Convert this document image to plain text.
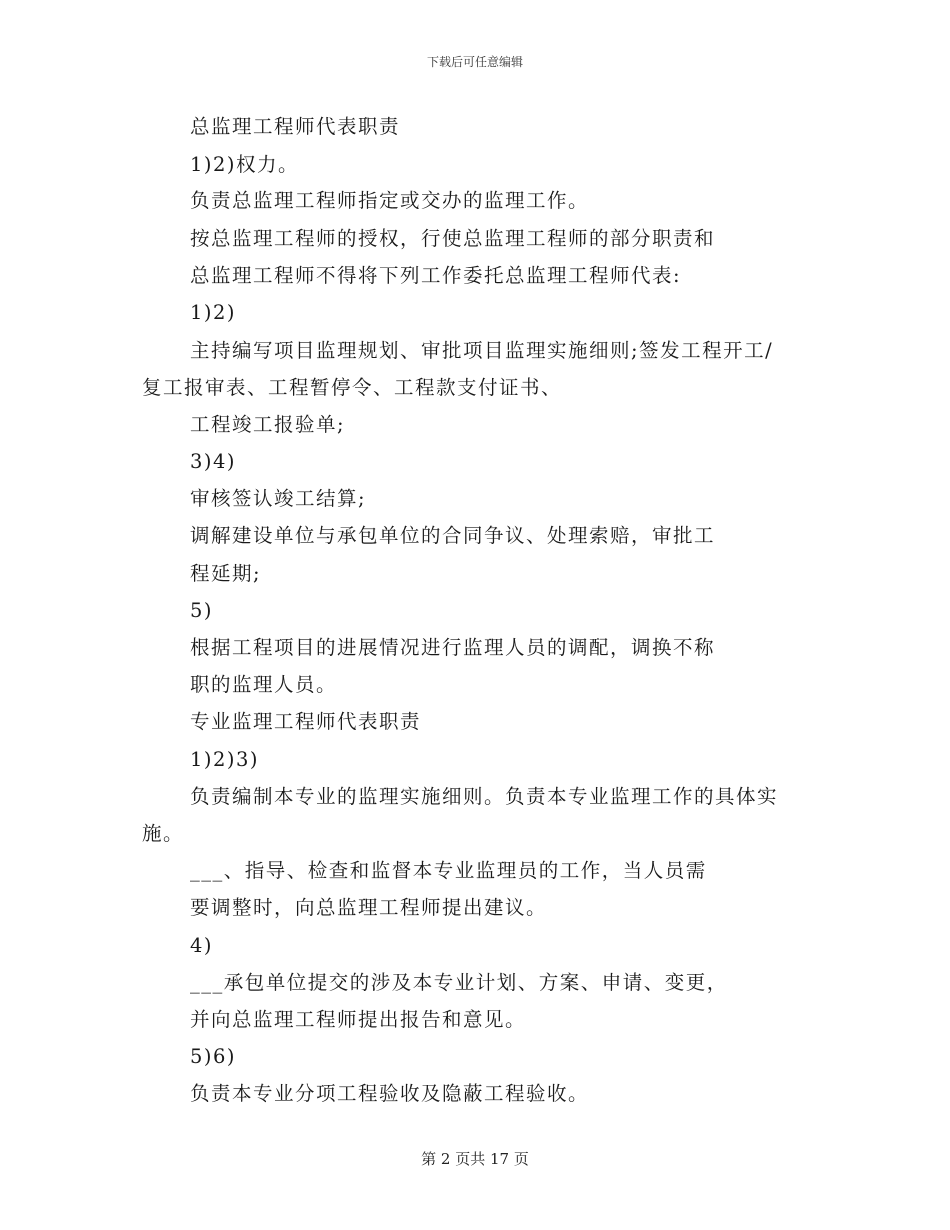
下载后可任意编辑
总监理工程师代表职责
1)2)权力。
负责总监理工程师指定或交办的监理工作。
按总监理工程师的授权，行使总监理工程师的部分职责和
总监理工程师不得将下列工作委托总监理工程师代表:
1)2)
主持编写项目监理规划、审批项目监理实施细则;签发工程开工/
复工报审表、工程暂停令、工程款支付证书、
工程竣工报验单;
3)4)
审核签认竣工结算;
调解建设单位与承包单位的合同争议、处理索赔，审批工
程延期;
5)
根据工程项目的进展情况进行监理人员的调配，调换不称
职的监理人员。
专业监理工程师代表职责
1)2)3)
负责编制本专业的监理实施细则。负责本专业监理工作的具体实
施。
___、指导、检查和监督本专业监理员的工作，当人员需
要调整时，向总监理工程师提出建议。
4)
___承包单位提交的涉及本专业计划、方案、申请、变更，
并向总监理工程师提出报告和意见。
5)6)
负责本专业分项工程验收及隐蔽工程验收。
第 2 页共 17 页
